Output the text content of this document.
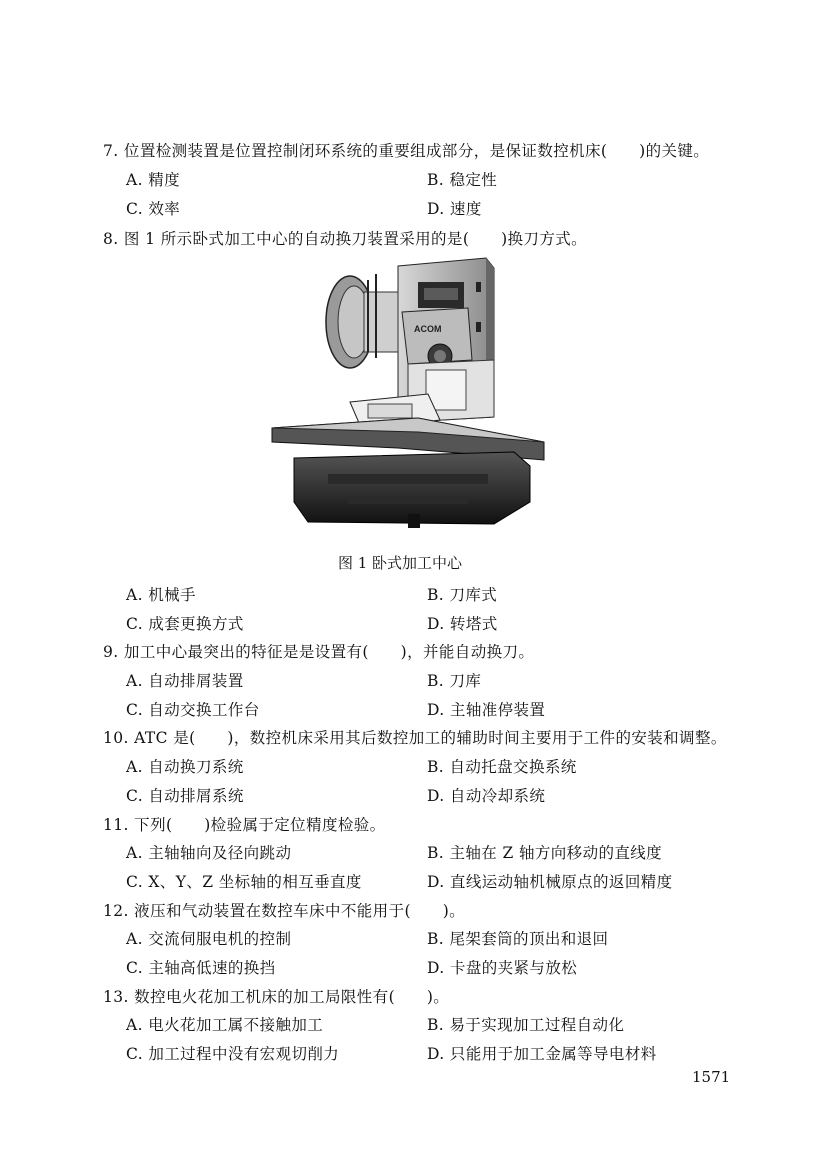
7. 位置检测装置是位置控制闭环系统的重要组成部分，是保证数控机床(　　)的关键。
A. 精度	B. 稳定性
C. 效率	D. 速度
8. 图 1 所示卧式加工中心的自动换刀装置采用的是(　　)换刀方式。
ACOM
图 1 卧式加工中心
A. 机械手	B. 刀库式
C. 成套更换方式	D. 转塔式
9. 加工中心最突出的特征是是设置有(　　)，并能自动换刀。
A. 自动排屑装置	B. 刀库
C. 自动交换工作台	D. 主轴准停装置
10. ATC 是(　　)，数控机床采用其后数控加工的辅助时间主要用于工件的安装和调整。
A. 自动换刀系统	B. 自动托盘交换系统
C. 自动排屑系统	D. 自动冷却系统
11. 下列(　　)检验属于定位精度检验。
A. 主轴轴向及径向跳动	B. 主轴在 Z 轴方向移动的直线度
C. X、Y、Z 坐标轴的相互垂直度	D. 直线运动轴机械原点的返回精度
12. 液压和气动装置在数控车床中不能用于(　　)。
A. 交流伺服电机的控制	B. 尾架套筒的顶出和退回
C. 主轴高低速的换挡	D. 卡盘的夹紧与放松
13. 数控电火花加工机床的加工局限性有(　　)。
A. 电火花加工属不接触加工	B. 易于实现加工过程自动化
C. 加工过程中没有宏观切削力	D. 只能用于加工金属等导电材料
1571
